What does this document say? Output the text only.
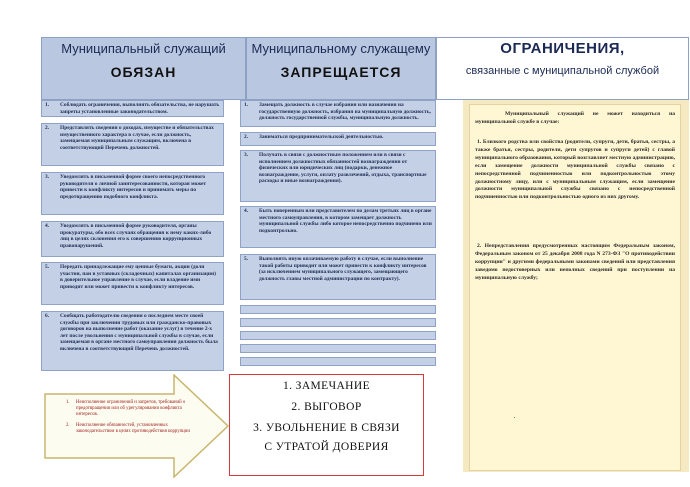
Муниципальный служащий
ОБЯЗАН
Муниципальному служащему
ЗАПРЕЩАЕТСЯ
ОГРАНИЧЕНИЯ,
связанные с муниципальной службой
1. Соблюдать ограничения, выполнять обязательства, не нарушать запреты установленные законодательством.
2. Представлять сведения о доходах, имуществе и обязательствах имущественного характера в случае, если должность, замещаемая муниципальным служащим, включена в соответствующий Перечень должностей.
3. Уведомлять в письменной форме своего непосредственного руководителя о личной заинтересованности, которая может привести к конфликту интересов и принимать меры по предотвращению подобного конфликта.
4. Уведомлять в письменной форме руководителя, органы прокуратуры, обо всех случаях обращения к нему каких-либо лиц в целях склонения его к совершению коррупционных правонарушений.
5. Передать принадлежащие ему ценные бумаги, акции (доли участия, паи в уставных (складочных) капиталах организации) в доверительное управление в случае, если владение ими приводит или может привести к конфликту интересов.
6. Сообщать работодателю сведения о последнем месте своей службы при заключении трудовых или гражданско-правовых договоров на выполнение работ (оказание услуг) в течение 2-х лет после увольнения с муниципальной службы в случае, если замещаемая в органе местного самоуправления должность была включена в соответствующий Перечень должностей.
1. Замещать должность в случае избрания или назначения на государственную должность, избрания на муниципальную должность, должность государственной службы, муниципальную должность.
2. Заниматься предпринимательской деятельностью.
3. Получать в связи с должностным положением или в связи с исполнением должностных обязанностей вознаграждения от физических или юридических лиц (подарки, денежное вознаграждение, услуги, оплату развлечений, отдыха, транспортные расходы и иные вознаграждения).
4. Быть поверенным или представителем по делам третьих лиц в органе местного самоуправления, в котором замещает должность муниципальной службы либо которое непосредственно подчинено или подконтрольно.
5. Выполнять иную оплачиваемую работу в случае, если выполнение такой работы приводит или может привести к конфликту интересов (за исключением муниципального служащего, замещающего должность главы местной администрации по контракту).
Муниципальный служащий не может находиться на муниципальной службе в случае:
1. Близкого родства или свойства (родители, супруги, дети, братья, сестры, а также братья, сестры, родители, дети супругов и супруги детей) с главой муниципального образования, который возглавляет местную администрацию, если замещение должности муниципальной службы связано с непосредственной подчиненностью или подконтрольностью этому должностному лицу, или с муниципальным служащим, если замещение должности муниципальной службы связано с непосредственной подчиненностью или подконтрольностью одного из них другому.
2. Непредставления предусмотренных настоящим Федеральным законом, Федеральным законом от 25 декабря 2008 года N 273-ФЗ "О противодействии коррупции" и другими федеральными законами сведений или представления заведомо недостоверных или неполных сведений при поступлении на муниципальную службу;
.
1. Неисполнение ограничений и запретов, требований о предотвращении или об урегулировании конфликта интересов.
2. Неисполнение обязанностей, установленных законодательством в целях противодействия коррупции
1. ЗАМЕЧАНИЕ
2. ВЫГОВОР
3. УВОЛЬНЕНИЕ В СВЯЗИ
С УТРАТОЙ ДОВЕРИЯ
